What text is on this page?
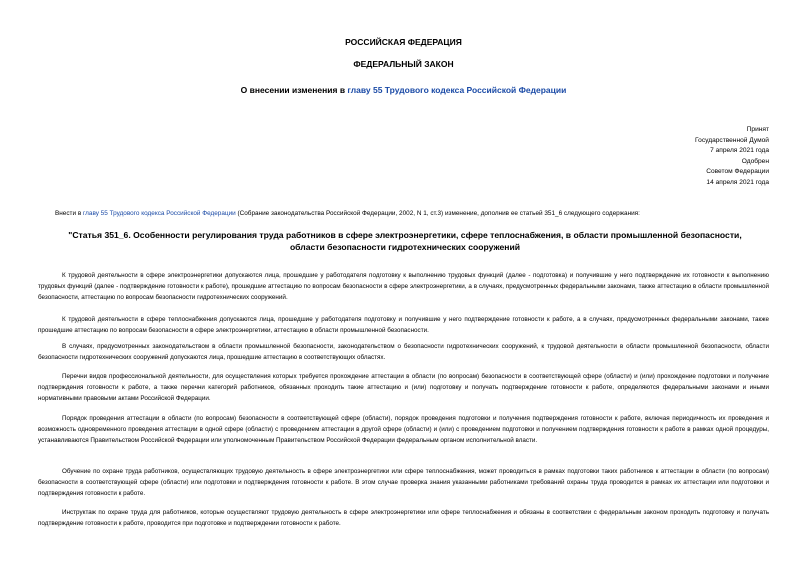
РОССИЙСКАЯ ФЕДЕРАЦИЯ
ФЕДЕРАЛЬНЫЙ ЗАКОН
О внесении изменения в главу 55 Трудового кодекса Российской Федерации
Принят
Государственной Думой
7 апреля 2021 года
Одобрен
Советом Федерации
14 апреля 2021 года
Внести в главу 55 Трудового кодекса Российской Федерации (Собрание законодательства Российской Федерации, 2002, N 1, ст.3) изменение, дополнив ее статьей 351_6 следующего содержания:
"Статья 351_6. Особенности регулирования труда работников в сфере электроэнергетики, сфере теплоснабжения, в области промышленной безопасности, области безопасности гидротехнических сооружений

К трудовой деятельности в сфере электроэнергетики допускаются лица, прошедшие у работодателя подготовку к выполнению трудовых функций (далее - подготовка) и получившие у него подтверждение их готовности к выполнению трудовых функций (далее - подтверждение готовности к работе), прошедшие аттестацию по вопросам безопасности в сфере электроэнергетики, а в случаях, предусмотренных федеральными законами, также аттестацию в области промышленной безопасности, аттестацию по вопросам безопасности гидротехнических сооружений.

К трудовой деятельности в сфере теплоснабжения допускаются лица, прошедшие у работодателя подготовку и получившие у него подтверждение готовности к работе, а в случаях, предусмотренных федеральными законами, также прошедшие аттестацию по вопросам безопасности в сфере электроэнергетики, аттестацию в области промышленной безопасности.

В случаях, предусмотренных законодательством в области промышленной безопасности, законодательством о безопасности гидротехнических сооружений, к трудовой деятельности в области промышленной безопасности, области безопасности гидротехнических сооружений допускаются лица, прошедшие аттестацию в соответствующих областях.

Перечни видов профессиональной деятельности, для осуществления которых требуется прохождение аттестации в области (по вопросам) безопасности в соответствующей сфере (области) и (или) прохождение подготовки и получение подтверждения готовности к работе, а также перечни категорий работников, обязанных проходить такие аттестацию и (или) подготовку и получать подтверждение готовности к работе, определяются федеральными законами и иными нормативными правовыми актами Российской Федерации.

Порядок проведения аттестации в области (по вопросам) безопасности в соответствующей сфере (области), порядок проведения подготовки и получения подтверждения готовности к работе, включая периодичность их проведения и возможность одновременного проведения аттестации в одной сфере (области) с проведением аттестации в другой сфере (области) и (или) с проведением подготовки и получением подтверждения готовности к работе в рамках одной процедуры, устанавливаются Правительством Российской Федерации или уполномоченным Правительством Российской Федерации федеральным органом исполнительной власти.

Обучение по охране труда работников, осуществляющих трудовую деятельность в сфере электроэнергетики или сфере теплоснабжения, может проводиться в рамках подготовки таких работников к аттестации в области (по вопросам) безопасности в соответствующей сфере (области) или подготовки и подтверждения готовности к работе. В этом случае проверка знания указанными работниками требований охраны труда проводится в рамках их аттестации или подготовки и подтверждения готовности к работе.

Инструктаж по охране труда для работников, которые осуществляют трудовую деятельность в сфере электроэнергетики или сфере теплоснабжения и обязаны в соответствии с федеральным законом проходить подготовку и получать подтверждение готовности к работе, проводится при подготовке и подтверждении готовности к работе.
